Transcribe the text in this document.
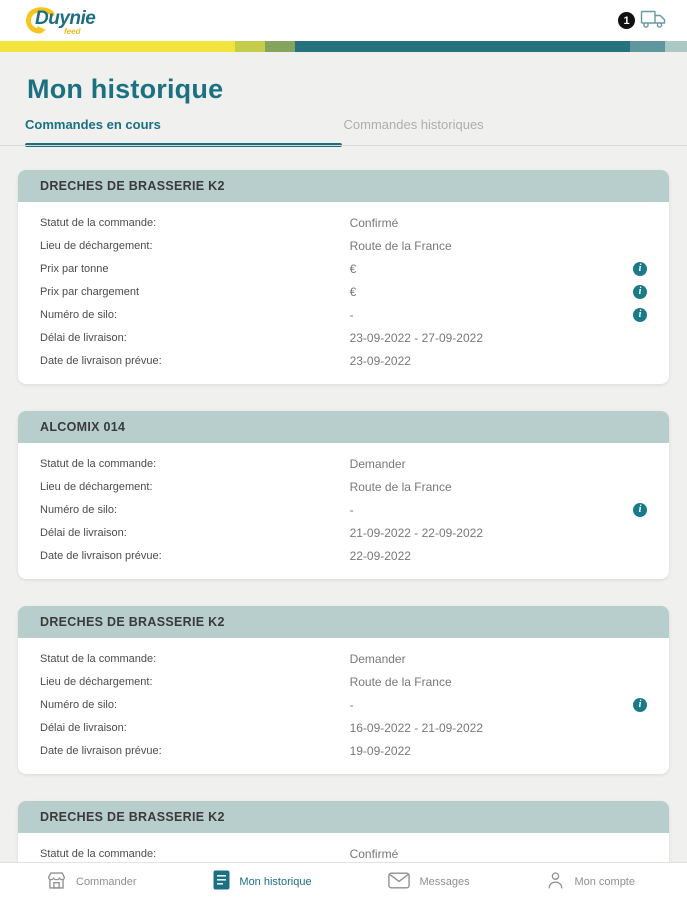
Duynie
feed
1
Mon historique
Commandes en cours	Commandes historiques
DRECHES DE BRASSERIE K2
Statut de la commande:	Confirmé
Lieu de déchargement:	Route de la France
Prix par tonne	€	i
Prix par chargement	€	i
Numéro de silo:	-	i
Délai de livraison:	23-09-2022 - 27-09-2022
Date de livraison prévue:	23-09-2022
ALCOMIX 014
Statut de la commande:	Demander
Lieu de déchargement:	Route de la France
Numéro de silo:	-	i
Délai de livraison:	21-09-2022 - 22-09-2022
Date de livraison prévue:	22-09-2022
DRECHES DE BRASSERIE K2
Statut de la commande:	Demander
Lieu de déchargement:	Route de la France
Numéro de silo:	-	i
Délai de livraison:	16-09-2022 - 21-09-2022
Date de livraison prévue:	19-09-2022
DRECHES DE BRASSERIE K2
Statut de la commande:	Confirmé
Commander	Mon historique	Messages	Mon compte
